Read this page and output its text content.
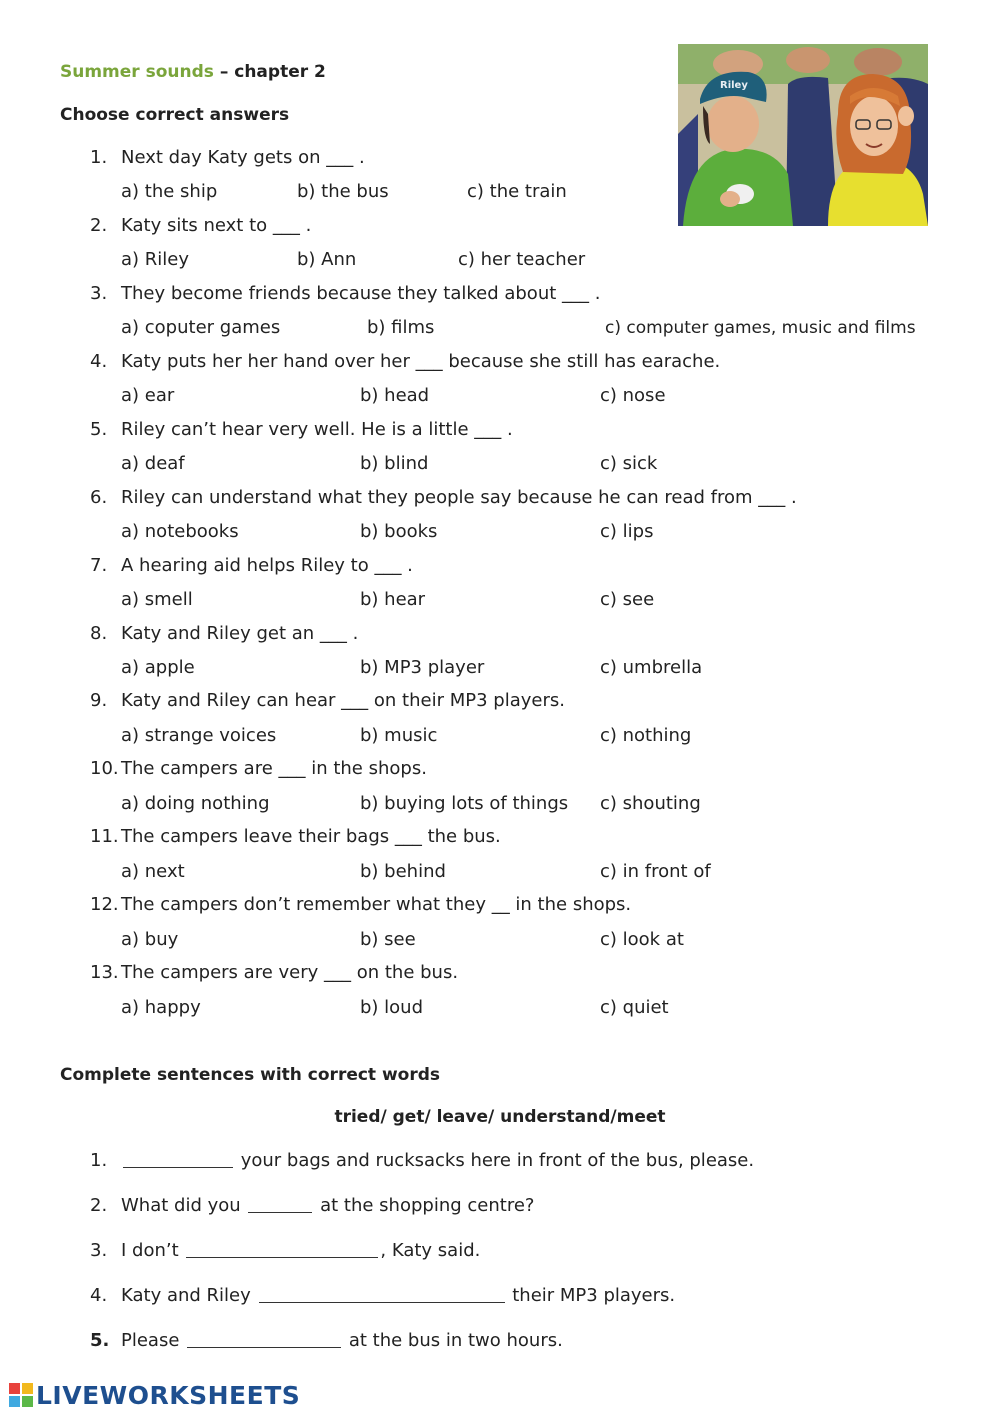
Summer sounds – chapter 2

Choose correct answers

1. Next day Katy gets on ___ .
a) the ship	b) the bus	c) the train
2. Katy sits next to ___ .
a) Riley	b) Ann	c) her teacher
3. They become friends because they talked about ___ .
a) coputer games	b) films	c) computer games, music and films
4. Katy puts her her hand over her ___ because she still has earache.
a) ear	b) head	c) nose
5. Riley can’t hear very well. He is a little ___ .
a) deaf	b) blind	c) sick
6. Riley can understand what they people say because he can read from ___ .
a) notebooks	b) books	c) lips
7. A hearing aid helps Riley to ___ .
a) smell	b) hear	c) see
8. Katy and Riley get an ___ .
a) apple	b) MP3 player	c) umbrella
9. Katy and Riley can hear ___ on their MP3 players.
a) strange voices	b) music	c) nothing
10. The campers are ___ in the shops.
a) doing nothing	b) buying lots of things c) shouting
11. The campers leave their bags ___ the bus.
a) next	b) behind	c) in front of
12. The campers don’t remember what they __ in the shops.
a) buy	b) see	c) look at
13. The campers are very ___ on the bus.
a) happy	b) loud	c) quiet

Complete sentences with correct words

tried/ get/ leave/ understand/meet
1.	your bags and rucksacks here in front of the bus, please.
2. What did you	at the shopping centre?
3. I don’t	, Katy said.
4. Katy and Riley	their MP3 players.
5. Please	at the bus in two hours.
Riley
LIVEWORKSHEETS
